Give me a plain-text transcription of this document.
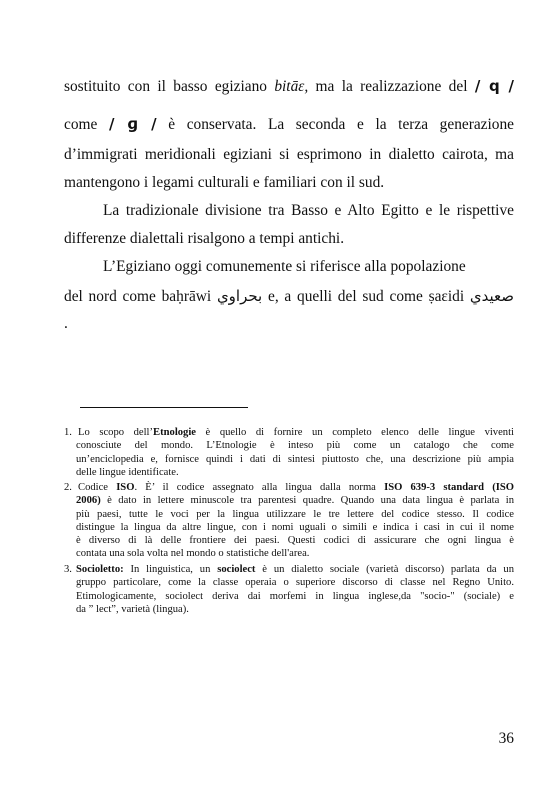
sostituito con il basso egiziano bitāɛ, ma la realizzazione del / q /
come / ɡ / è conservata. La seconda e la terza generazione
d’immigrati meridionali egiziani si esprimono in dialetto cairota, ma
mantengono i legami culturali e familiari con il sud.
La tradizionale divisione tra Basso e Alto Egitto e le rispettive
differenze dialettali risalgono a tempi antichi.
L’Egiziano oggi comunemente si riferisce alla popolazione
del nord come baḥrāwi بحراوي e, a quelli del sud come ṣaɛidi صعيدي
.
1. Lo scopo dell’Etnologie è quello di fornire un completo elenco delle lingue viventi
conosciute del mondo. L’Etnologie è inteso più come un catalogo che come
un’enciclopedia e, fornisce quindi i dati di sintesi piuttosto che, una descrizione più ampia
delle lingue identificate.
2. Codice ISO. È’ il codice assegnato alla lingua dalla norma ISO 639-3 standard (ISO
2006) è dato in lettere minuscole tra parentesi quadre. Quando una data lingua è parlata in
più paesi, tutte le voci per la lingua utilizzare le tre lettere del codice stesso. Il codice
distingue la lingua da altre lingue, con i nomi uguali o simili e indica i casi in cui il nome
è diverso di là delle frontiere dei paesi. Questi codici di assicurare che ogni lingua è
contata una sola volta nel mondo o statistiche dell'area.
3. Socioletto: In linguistica, un sociolect è un dialetto sociale (varietà discorso) parlata da un
gruppo particolare, come la classe operaia o superiore discorso di classe nel Regno Unito.
Etimologicamente, sociolect deriva dai morfemi in lingua inglese,da "socio-" (sociale) e
da ” lect”, varietà (lingua).
36
